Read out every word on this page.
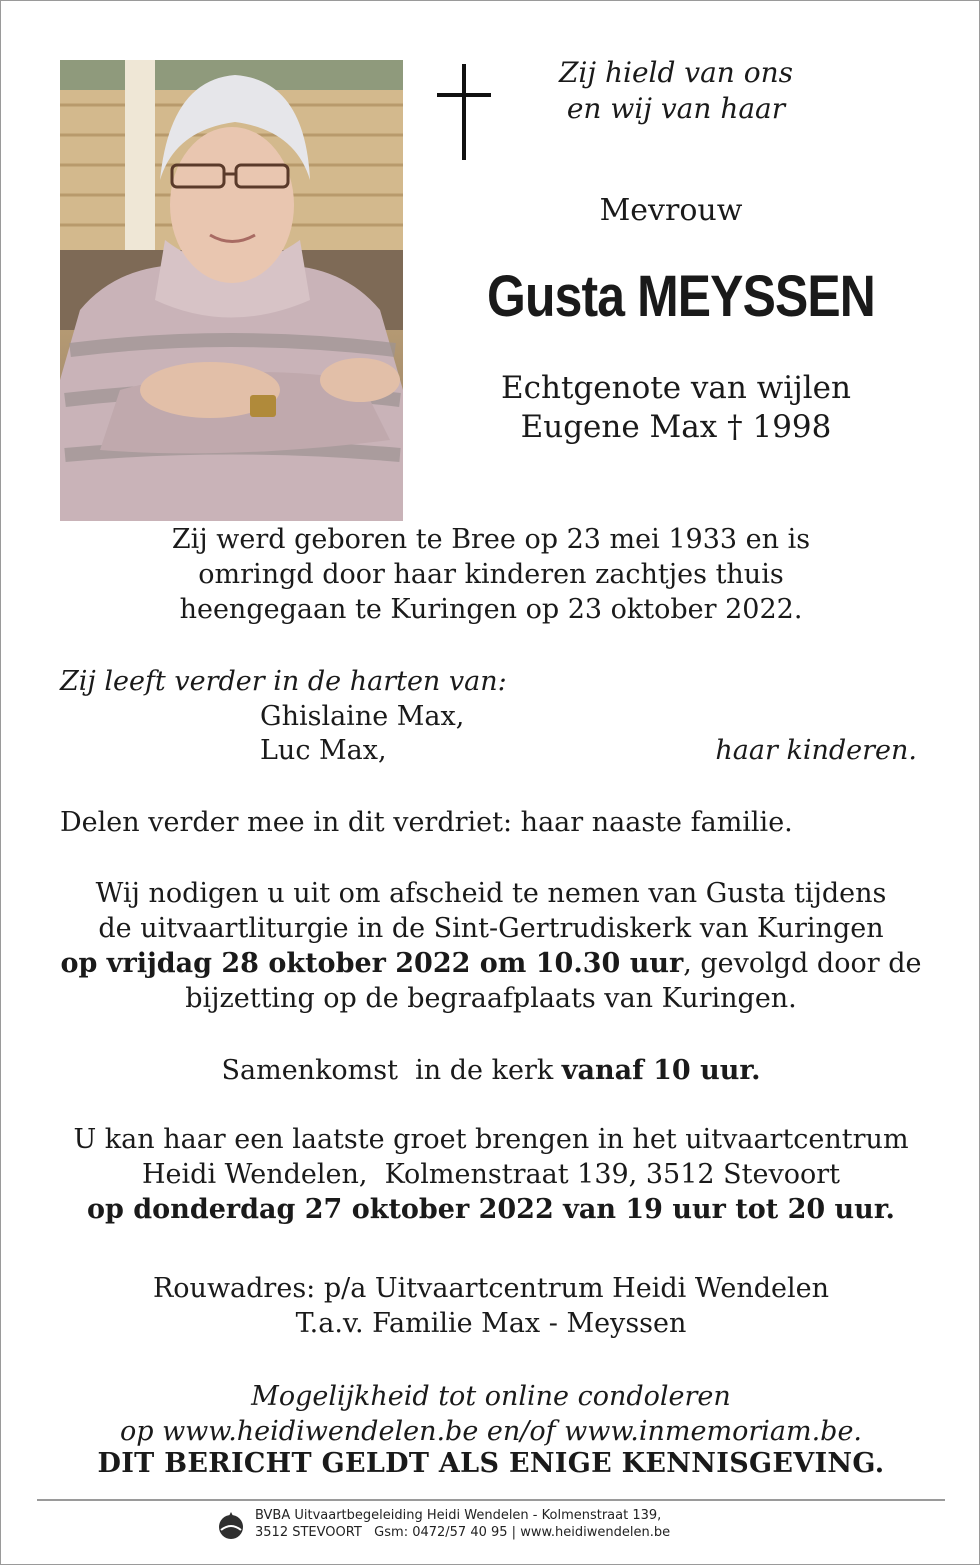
Zij hield van ons
en wij van haar
Mevrouw
Gusta MEYSSEN
Echtgenote van wijlen
Eugene Max † 1998
Zij werd geboren te Bree op 23 mei 1933 en is
omringd door haar kinderen zachtjes thuis
heengegaan te Kuringen op 23 oktober 2022.
Zij leeft verder in de harten van:
Ghislaine Max,
Luc Max,	haar kinderen.
Delen verder mee in dit verdriet: haar naaste familie.
Wij nodigen u uit om afscheid te nemen van Gusta tijdens
de uitvaartliturgie in de Sint-Gertrudiskerk van Kuringen
op vrijdag 28 oktober 2022 om 10.30 uur, gevolgd door de
bijzetting op de begraafplaats van Kuringen.
Samenkomst  in de kerk vanaf 10 uur.
U kan haar een laatste groet brengen in het uitvaartcentrum
Heidi Wendelen,  Kolmenstraat 139, 3512 Stevoort
op donderdag 27 oktober 2022 van 19 uur tot 20 uur.
Rouwadres: p/a Uitvaartcentrum Heidi Wendelen
T.a.v. Familie Max - Meyssen
Mogelijkheid tot online condoleren
op www.heidiwendelen.be en/of www.inmemoriam.be.
DIT BERICHT GELDT ALS ENIGE KENNISGEVING.
BVBA Uitvaartbegeleiding Heidi Wendelen - Kolmenstraat 139,
3512 STEVOORT   Gsm: 0472/57 40 95 | www.heidiwendelen.be
